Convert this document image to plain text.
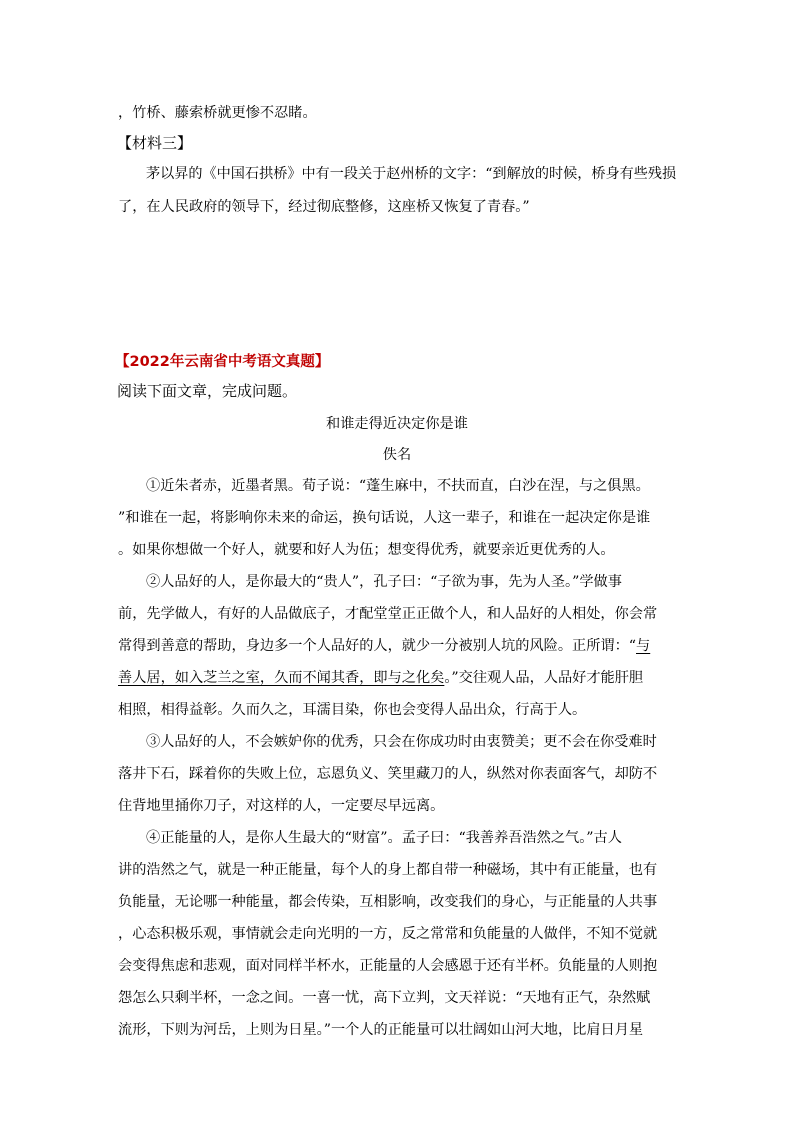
，竹桥、藤索桥就更惨不忍睹。
【材料三】
茅以昇的《中国石拱桥》中有一段关于赵州桥的文字：“到解放的时候，桥身有些残损
了，在人民政府的领导下，经过彻底整修，这座桥又恢复了青春。”
【2022年云南省中考语文真题】
阅读下面文章，完成问题。
和谁走得近决定你是谁
佚名
①近朱者赤，近墨者黑。荀子说：“蓬生麻中，不扶而直，白沙在涅，与之俱黑。
”和谁在一起，将影响你未来的命运，换句话说，人这一辈子，和谁在一起决定你是谁
。如果你想做一个好人，就要和好人为伍；想变得优秀，就要亲近更优秀的人。
②人品好的人，是你最大的“贵人”，孔子曰：“子欲为事，先为人圣。”学做事
前，先学做人，有好的人品做底子，才配堂堂正正做个人，和人品好的人相处，你会常
常得到善意的帮助，身边多一个人品好的人，就少一分被别人坑的风险。正所谓：“与
善人居，如入芝兰之室，久而不闻其香，即与之化矣。”交往观人品，人品好才能肝胆
相照，相得益彰。久而久之，耳濡目染，你也会变得人品出众，行高于人。
③人品好的人，不会嫉妒你的优秀，只会在你成功时由衷赞美；更不会在你受难时
落井下石，踩着你的失败上位，忘恩负义、笑里藏刀的人，纵然对你表面客气，却防不
住背地里捅你刀子，对这样的人，一定要尽早远离。
④正能量的人，是你人生最大的“财富”。孟子曰：“我善养吾浩然之气。”古人
讲的浩然之气，就是一种正能量，每个人的身上都自带一种磁场，其中有正能量，也有
负能量，无论哪一种能量，都会传染，互相影响，改变我们的身心，与正能量的人共事
，心态积极乐观，事情就会走向光明的一方，反之常常和负能量的人做伴，不知不觉就
会变得焦虑和悲观，面对同样半杯水，正能量的人会感恩于还有半杯。负能量的人则抱
怨怎么只剩半杯，一念之间。一喜一忧，高下立判，文天祥说：“天地有正气，杂然赋
流形，下则为河岳，上则为日星。”一个人的正能量可以壮阔如山河大地，比肩日月星
